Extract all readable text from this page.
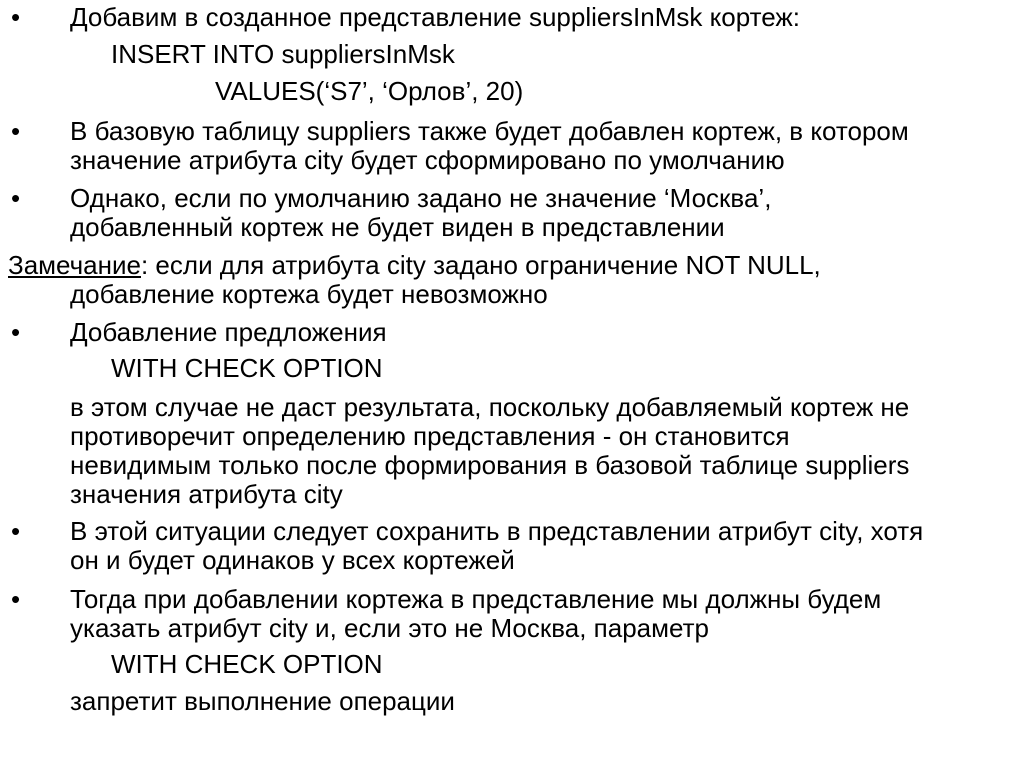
• Добавим в созданное представление suppliersInMsk кортеж:
INSERT INTO suppliersInMsk
VALUES(‘S7’, ‘Орлов’, 20)
• В базовую таблицу suppliers также будет добавлен кортеж, в котором
значение атрибута city будет сформировано по умолчанию
• Однако, если по умолчанию задано не значение ‘Москва’,
добавленный кортеж не будет виден в представлении
Замечание: если для атрибута city задано ограничение NOT NULL,
добавление кортежа будет невозможно
• Добавление предложения
WITH CHECK OPTION
в этом случае не даст результата, поскольку добавляемый кортеж не
противоречит определению представления - он становится
невидимым только после формирования в базовой таблице suppliers
значения атрибута city
• В этой ситуации следует сохранить в представлении атрибут city, хотя
он и будет одинаков у всех кортежей
• Тогда при добавлении кортежа в представление мы должны будем
указать атрибут city и, если это не Москва, параметр
WITH CHECK OPTION
запретит выполнение операции
